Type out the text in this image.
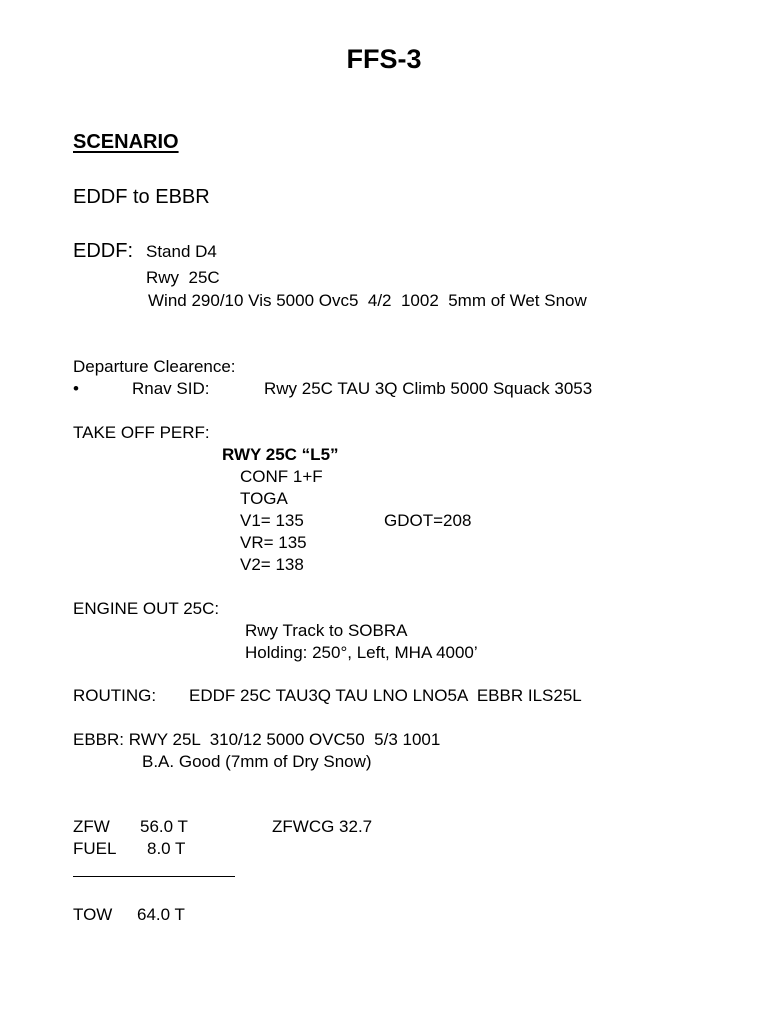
FFS-3
SCENARIO
EDDF to EBBR
EDDF: Stand D4
Rwy  25C
Wind 290/10 Vis 5000 Ovc5  4/2  1002  5mm of Wet Snow
Departure Clearence:
•	Rnav SID:	Rwy 25C TAU 3Q Climb 5000 Squack 3053
TAKE OFF PERF:
RWY 25C “L5”
CONF 1+F
TOGA
V1= 135	GDOT=208
VR= 135
V2= 138
ENGINE OUT 25C:
Rwy Track to SOBRA
Holding: 250°, Left, MHA 4000’
ROUTING: EDDF 25C TAU3Q TAU LNO LNO5A  EBBR ILS25L
EBBR: RWY 25L  310/12 5000 OVC50  5/3 1001
B.A. Good (7mm of Dry Snow)
ZFW 56.0 T	ZFWCG 32.7
FUEL 8.0 T
TOW 64.0 T
